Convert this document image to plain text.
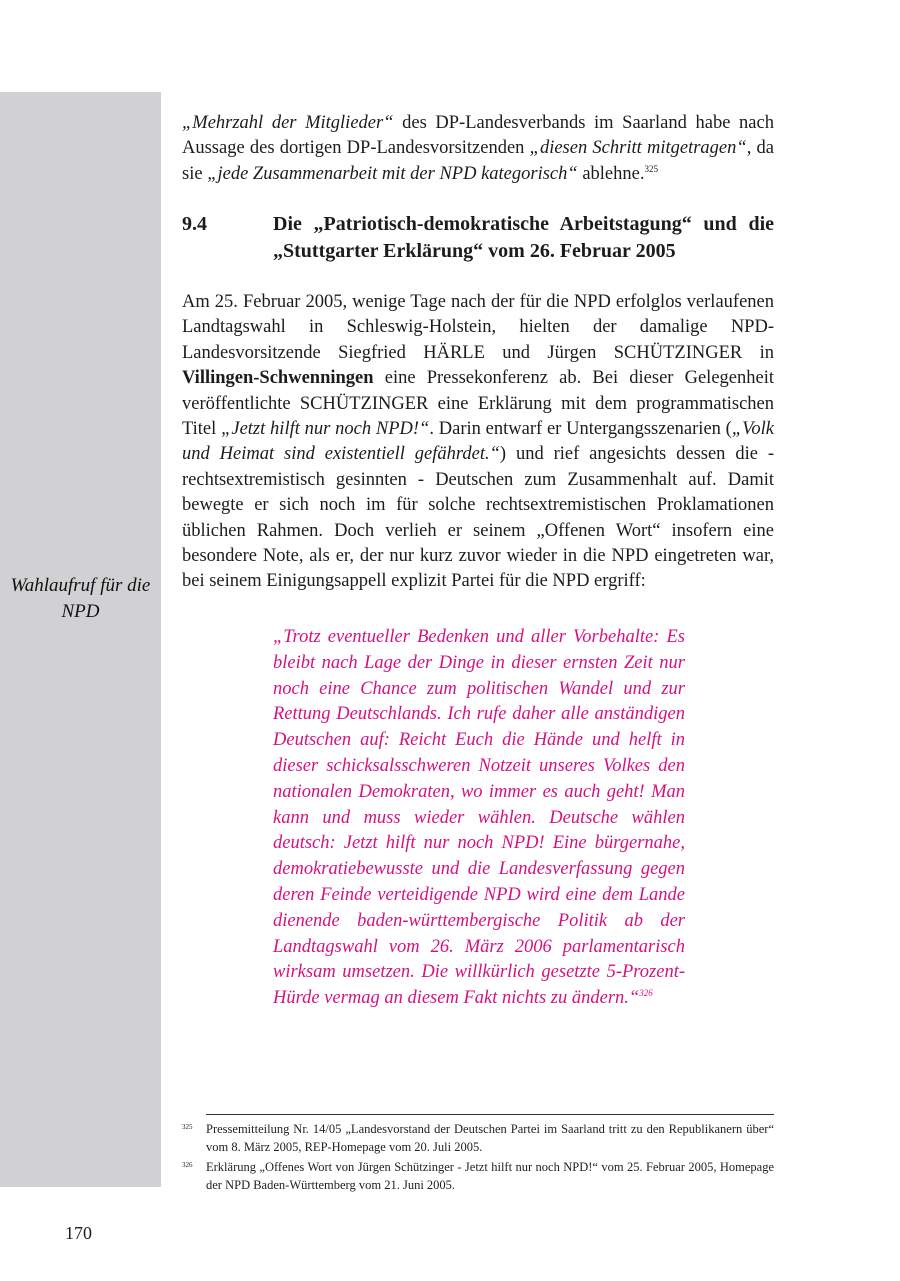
Wahlaufruf für die NPD

„Mehrzahl der Mitglieder“ des DP-Landesverbands im Saarland habe nach Aussage des dortigen DP-Landesvorsitzenden „diesen Schritt mitgetragen“, da sie „jede Zusammenarbeit mit der NPD kategorisch“ ablehne.$^{325}$

9.4	Die „Patriotisch-demokratische Arbeitstagung“ und die „Stuttgarter Erklärung“ vom 26. Februar 2005

Am 25. Februar 2005, wenige Tage nach der für die NPD erfolglos verlaufenen Landtagswahl in Schleswig-Holstein, hielten der damalige NPD-Landesvorsitzende Siegfried HÄRLE und Jürgen SCHÜTZINGER in Villingen-Schwenningen eine Pressekonferenz ab. Bei dieser Gelegenheit veröffentlichte SCHÜTZINGER eine Erklärung mit dem programmatischen Titel „Jetzt hilft nur noch NPD!“. Darin entwarf er Untergangsszenarien („Volk und Heimat sind existentiell gefährdet.“) und rief angesichts dessen die - rechtsextremistisch gesinnten - Deutschen zum Zusammenhalt auf. Damit bewegte er sich noch im für solche rechtsextremistischen Proklamationen üblichen Rahmen. Doch verlieh er seinem „Offenen Wort“ insofern eine besondere Note, als er, der nur kurz zuvor wieder in die NPD eingetreten war, bei seinem Einigungsappell explizit Partei für die NPD ergriff:

„Trotz eventueller Bedenken und aller Vorbehalte: Es bleibt nach Lage der Dinge in dieser ernsten Zeit nur noch eine Chance zum politischen Wandel und zur Rettung Deutschlands. Ich rufe daher alle anständigen Deutschen auf: Reicht Euch die Hände und helft in dieser schicksalsschweren Notzeit unseres Volkes den nationalen Demokraten, wo immer es auch geht! Man kann und muss wieder wählen. Deutsche wählen deutsch: Jetzt hilft nur noch NPD! Eine bürgernahe, demokratiebewusste und die Landesverfassung gegen deren Feinde verteidigende NPD wird eine dem Lande dienende baden-württembergische Politik ab der Landtagswahl vom 26. März 2006 parlamentarisch wirksam umsetzen. Die willkürlich gesetzte 5-Prozent-Hürde vermag an diesem Fakt nichts zu ändern.“$^{326}$

325	Pressemitteilung Nr. 14/05 „Landesvorstand der Deutschen Partei im Saarland tritt zu den Republikanern über“ vom 8. März 2005, REP-Homepage vom 20. Juli 2005.
326	Erklärung „Offenes Wort von Jürgen Schützinger - Jetzt hilft nur noch NPD!“ vom 25. Februar 2005, Homepage der NPD Baden-Württemberg vom 21. Juni 2005.
170
